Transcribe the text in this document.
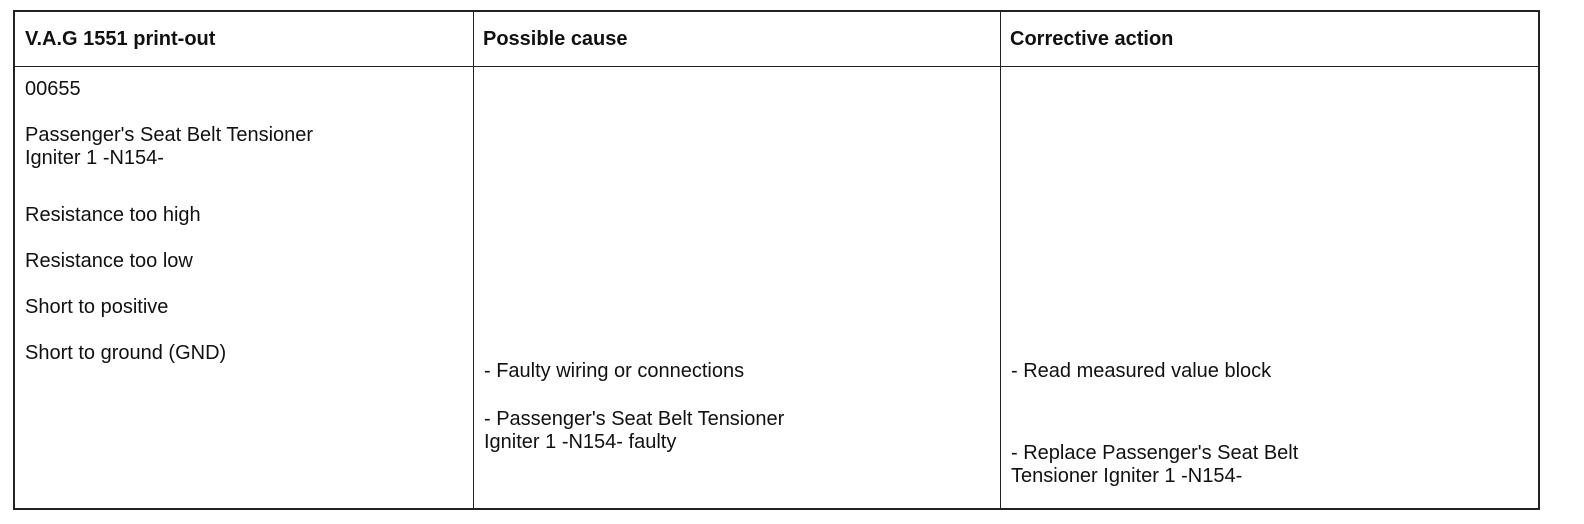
V.A.G 1551 print-out	Possible cause	Corrective action
00655
Passenger's Seat Belt Tensioner
Igniter 1 -N154-
Resistance too high
Resistance too low
Short to positive
Short to ground (GND)
- Faulty wiring or connections
- Passenger's Seat Belt Tensioner
Igniter 1 -N154- faulty
- Read measured value block
- Replace Passenger's Seat Belt
Tensioner Igniter 1 -N154-
